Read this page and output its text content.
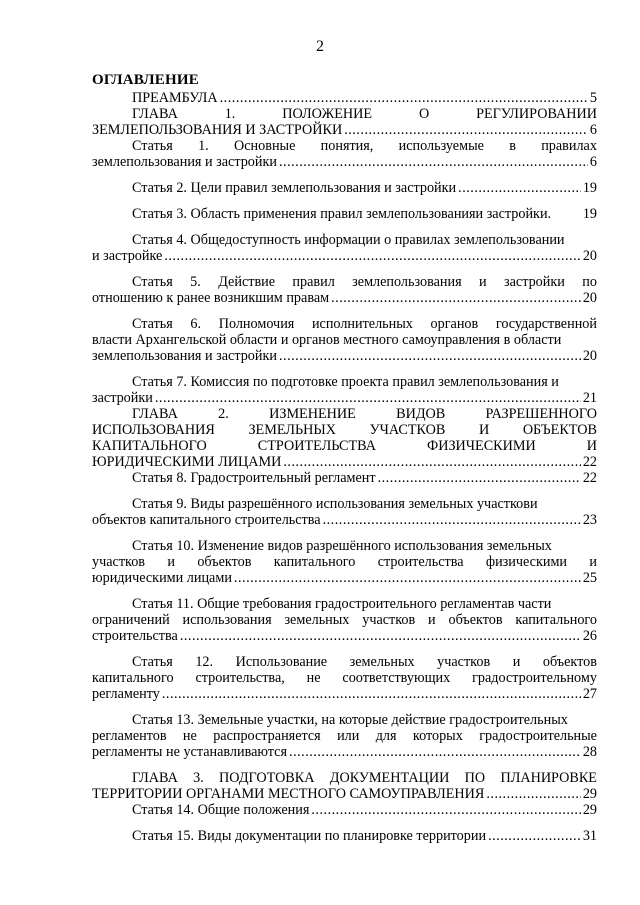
2
ОГЛАВЛЕНИЕ
ПРЕАМБУЛА .....	5
ГЛАВА	1.	ПОЛОЖЕНИЕ	О	РЕГУЛИРОВАНИИ
ЗЕМЛЕПОЛЬЗОВАНИЯ И ЗАСТРОЙКИ .....	6
Статья 1. Основные понятия, используемые в правилах
землепользования и застройки .....	6
Статья 2. Цели правил землепользования и застройки .....	19
Статья 3. Область применения правил землепользованияи застройки. 19
Статья 4. Общедоступность информации о правилах землепользовании
и застройке .....	20
Статья 5. Действие правил землепользования и застройки по
отношению к ранее возникшим правам .....	20
Статья 6. Полномочия исполнительных органов государственной
власти Архангельской области и органов местного самоуправления в области
землепользования и застройки .....	20
Статья 7. Комиссия по подготовке проекта правил землепользования и
застройки .....	21
ГЛАВА	2.	ИЗМЕНЕНИЕ	ВИДОВ	РАЗРЕШЕННОГО
ИСПОЛЬЗОВАНИЯ ЗЕМЕЛЬНЫХ УЧАСТКОВ И ОБЪЕКТОВ
КАПИТАЛЬНОГО	СТРОИТЕЛЬСТВА	ФИЗИЧЕСКИМИ	И
ЮРИДИЧЕСКИМИ ЛИЦАМИ .....	22
Статья 8. Градостроительный регламент .....	22
Статья 9. Виды разрешённого использования земельных участкови
объектов капитального строительства .....	23
Статья 10. Изменение видов разрешённого использования земельных
участков и объектов капитального строительства физическими и
юридическими лицами .....	25
Статья 11. Общие требования градостроительного регламентав части
ограничений использования земельных участков и объектов капитального
строительства .....	26
Статья 12. Использование земельных участков и объектов
капитального строительства, не соответствующих градостроительному
регламенту .....	27
Статья 13. Земельные участки, на которые действие градостроительных
регламентов не распространяется или для которых градостроительные
регламенты не устанавливаются .....	28
ГЛАВА 3. ПОДГОТОВКА ДОКУМЕНТАЦИИ ПО ПЛАНИРОВКЕ
ТЕРРИТОРИИ ОРГАНАМИ МЕСТНОГО САМОУПРАВЛЕНИЯ .....	29
Статья 14. Общие положения .....	29
Статья 15. Виды документации по планировке территории .....	31
